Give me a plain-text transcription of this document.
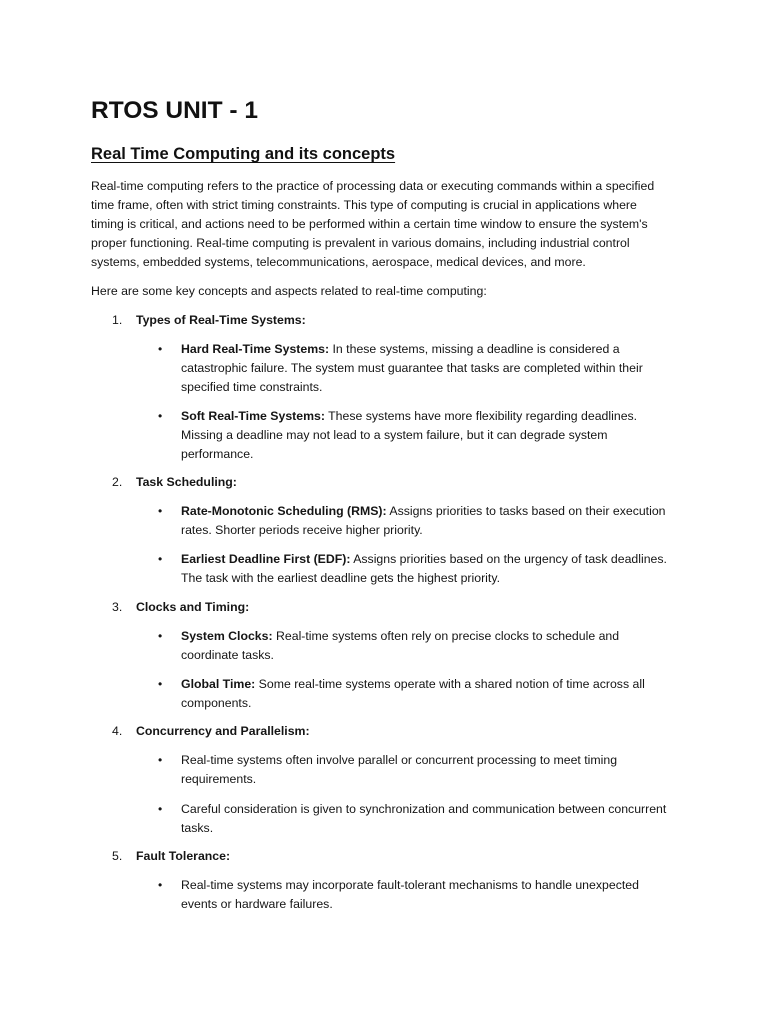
RTOS UNIT - 1
Real Time Computing and its concepts

Real-time computing refers to the practice of processing data or executing commands within a specified time frame, often with strict timing constraints. This type of computing is crucial in applications where timing is critical, and actions need to be performed within a certain time window to ensure the system's proper functioning. Real-time computing is prevalent in various domains, including industrial control systems, embedded systems, telecommunications, aerospace, medical devices, and more.

Here are some key concepts and aspects related to real-time computing:

1. Types of Real-Time Systems:
•	Hard Real-Time Systems: In these systems, missing a deadline is considered a catastrophic failure. The system must guarantee that tasks are completed within their specified time constraints.

•	Soft Real-Time Systems: These systems have more flexibility regarding deadlines. Missing a deadline may not lead to a system failure, but it can degrade system performance.

2. Task Scheduling:
•	Rate-Monotonic Scheduling (RMS): Assigns priorities to tasks based on their execution rates. Shorter periods receive higher priority.

•	Earliest Deadline First (EDF): Assigns priorities based on the urgency of task deadlines. The task with the earliest deadline gets the highest priority.

3. Clocks and Timing:
•	System Clocks: Real-time systems often rely on precise clocks to schedule and coordinate tasks.

•	Global Time: Some real-time systems operate with a shared notion of time across all components.

4. Concurrency and Parallelism:
•	Real-time systems often involve parallel or concurrent processing to meet timing requirements.

•	Careful consideration is given to synchronization and communication between concurrent tasks.

5. Fault Tolerance:
•	Real-time systems may incorporate fault-tolerant mechanisms to handle unexpected events or hardware failures.
